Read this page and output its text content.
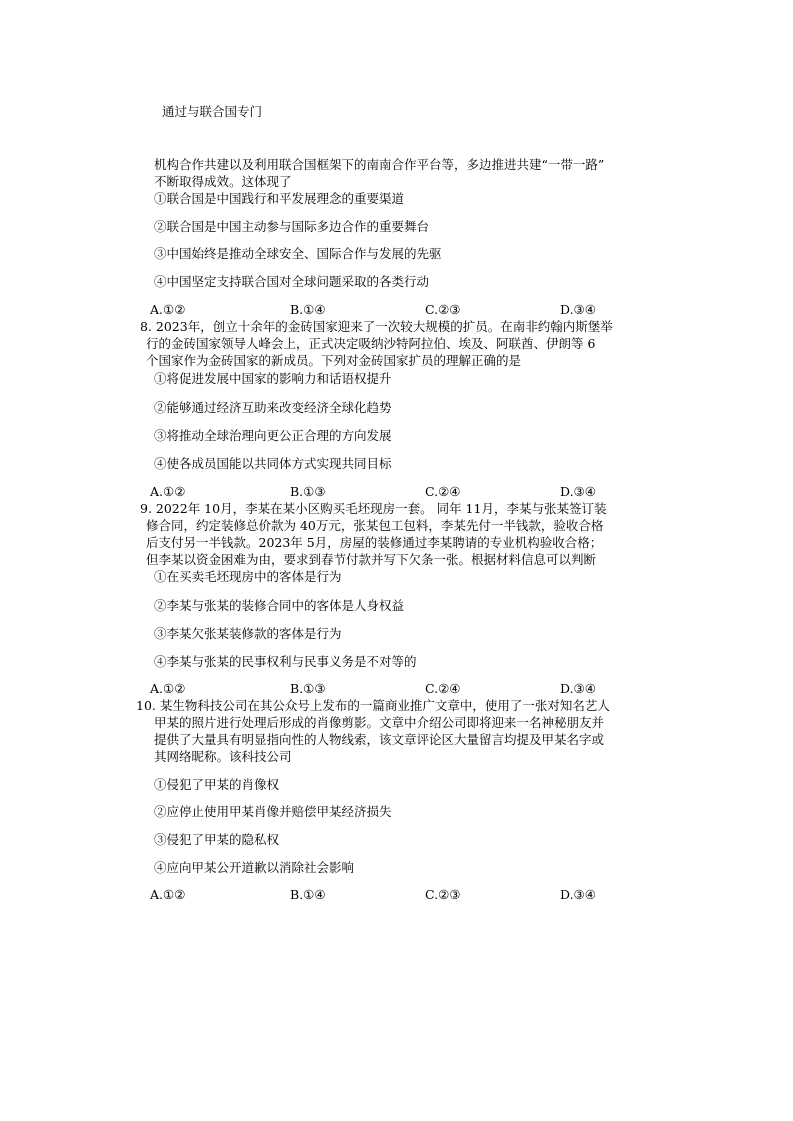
通过与联合国专门
机构合作共建以及利用联合国框架下的南南合作平台等，多边推进共建“一带一路”
不断取得成效。这体现了
①联合国是中国践行和平发展理念的重要渠道
②联合国是中国主动参与国际多边合作的重要舞台
③中国始终是推动全球安全、国际合作与发展的先驱
④中国坚定支持联合国对全球问题采取的各类行动
A.①②	B.①④	C.②③	D.③④
8. 2023年，创立十余年的金砖国家迎来了一次较大规模的扩员。在南非约翰内斯堡举
行的金砖国家领导人峰会上，正式决定吸纳沙特阿拉伯、埃及、阿联酋、伊朗等 6
个国家作为金砖国家的新成员。下列对金砖国家扩员的理解正确的是
①将促进发展中国家的影响力和话语权提升
②能够通过经济互助来改变经济全球化趋势
③将推动全球治理向更公正合理的方向发展
④使各成员国能以共同体方式实现共同目标
A.①②	B.①③	C.②④	D.③④
9. 2022年 10月，李某在某小区购买毛坯现房一套。 同年 11月，李某与张某签订装
修合同，约定装修总价款为 40万元，张某包工包料，李某先付一半钱款，验收合格
后支付另一半钱款。2023年 5月，房屋的装修通过李某聘请的专业机构验收合格；
但李某以资金困难为由，要求到春节付款并写下欠条一张。根据材料信息可以判断
①在买卖毛坯现房中的客体是行为
②李某与张某的装修合同中的客体是人身权益
③李某欠张某装修款的客体是行为
④李某与张某的民事权利与民事义务是不对等的
A.①②	B.①③	C.②④	D.③④
10. 某生物科技公司在其公众号上发布的一篇商业推广文章中，使用了一张对知名艺人
甲某的照片进行处理后形成的肖像剪影。文章中介绍公司即将迎来一名神秘朋友并
提供了大量具有明显指向性的人物线索，该文章评论区大量留言均提及甲某名字或
其网络昵称。该科技公司
①侵犯了甲某的肖像权
②应停止使用甲某肖像并赔偿甲某经济损失
③侵犯了甲某的隐私权
④应向甲某公开道歉以消除社会影响
A.①②	B.①④	C.②③	D.③④
